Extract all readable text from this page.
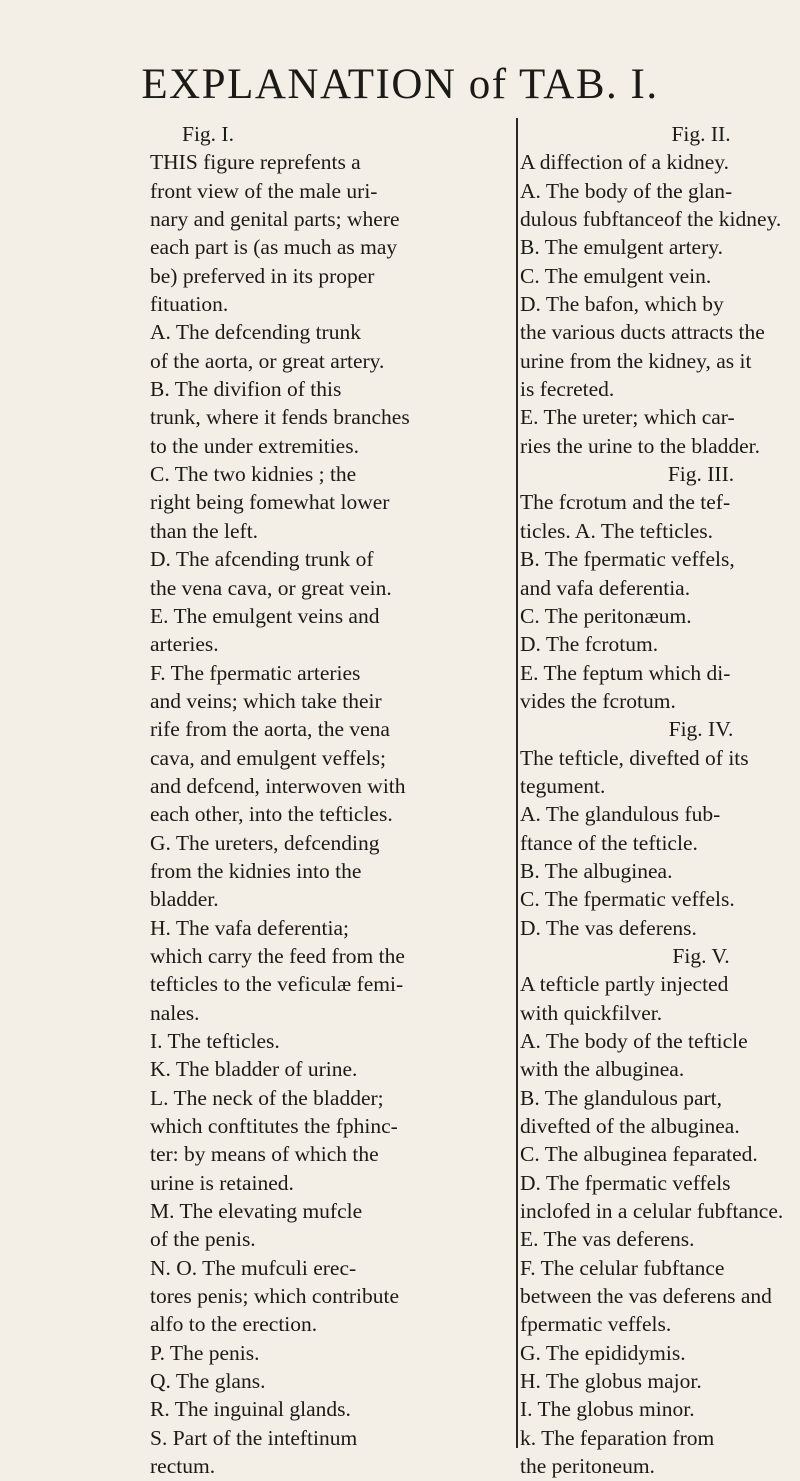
EXPLANATION of TAB. I.
Fig. I.
THIS figure reprefents a
front view of the male uri-
nary and genital parts; where
each part is (as much as may
be) preferved in its proper
fituation.
A. The defcending trunk
of the aorta, or great artery.
B. The divifion of this
trunk, where it fends branches
to the under extremities.
C. The two kidnies ; the
right being fomewhat lower
than the left.
D. The afcending trunk of
the vena cava, or great vein.
E. The emulgent veins and
arteries.
F. The fpermatic arteries
and veins; which take their
rife from the aorta, the vena
cava, and emulgent veffels;
and defcend, interwoven with
each other, into the tefticles.
G. The ureters, defcending
from the kidnies into the
bladder.
H. The vafa deferentia;
which carry the feed from the
tefticles to the veficulæ femi-
nales.
I. The tefticles.
K. The bladder of urine.
L. The neck of the bladder;
which conftitutes the fphinc-
ter: by means of which the
urine is retained.
M. The elevating mufcle
of the penis.
N. O. The mufculi erec-
tores penis; which contribute
alfo to the erection.
P. The penis.
Q. The glans.
R. The inguinal glands.
S. Part of the inteftinum
rectum.
Fig. II.
A diffection of a kidney.
A. The body of the glan-
dulous fubftanceof the kidney.
B. The emulgent artery.
C. The emulgent vein.
D. The bafon, which by
the various ducts attracts the
urine from the kidney, as it
is fecreted.
E. The ureter; which car-
ries the urine to the bladder.
Fig. III.
The fcrotum and the tef-
ticles. A. The tefticles.
B. The fpermatic veffels,
and vafa deferentia.
C. The peritonæum.
D. The fcrotum.
E. The feptum which di-
vides the fcrotum.
Fig. IV.
The tefticle, divefted of its
tegument.
A. The glandulous fub-
ftance of the tefticle.
B. The albuginea.
C. The fpermatic veffels.
D. The vas deferens.
Fig. V.
A tefticle partly injected
with quickfilver.
A. The body of the tefticle
with the albuginea.
B. The glandulous part,
divefted of the albuginea.
C. The albuginea feparated.
D. The fpermatic veffels
inclofed in a celular fubftance.
E. The vas deferens.
F. The celular fubftance
between the vas deferens and
fpermatic veffels.
G. The epididymis.
H. The globus major.
I. The globus minor.
k. The feparation from
the peritoneum.
